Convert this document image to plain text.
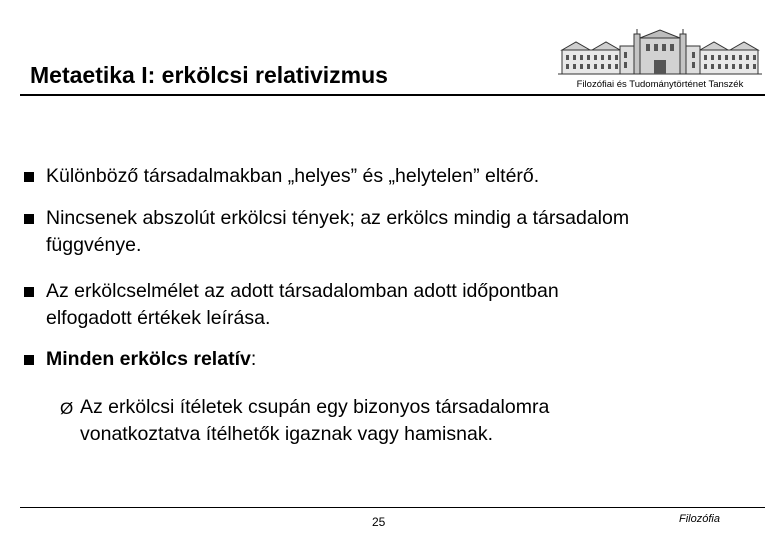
Metaetika I: erkölcsi relativizmus	Filozófiai és Tudománytörténet Tanszék
Különböző társadalmakban „helyes” és „helytelen” eltérő.
Nincsenek abszolút erkölcsi tények; az erkölcs mindig a társadalom
függvénye.
Az erkölcselmélet az adott társadalomban adott időpontban
elfogadott értékek leírása.
Minden erkölcs relatív:
Ø Az erkölcsi ítéletek csupán egy bizonyos társadalomra
vonatkoztatva ítélhetők igaznak vagy hamisnak.
25	Filozófia
